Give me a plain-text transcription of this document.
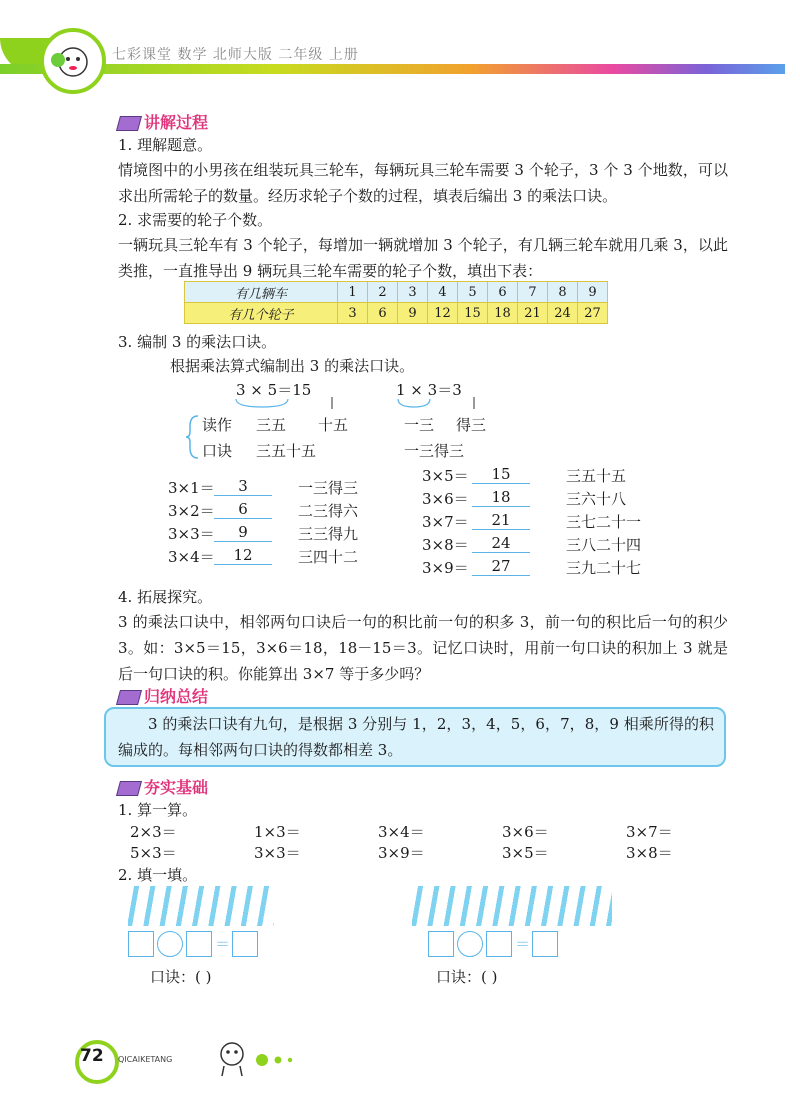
七彩课堂 数学 北师大版 二年级 上册
讲解过程
1. 理解题意。
情境图中的小男孩在组装玩具三轮车，每辆玩具三轮车需要 3 个轮子，3 个 3 个地数，可以求出所需轮子的数量。经历求轮子个数的过程，填表后编出 3 的乘法口诀。
2. 求需要的轮子个数。
一辆玩具三轮车有 3 个轮子，每增加一辆就增加 3 个轮子，有几辆三轮车就用几乘 3，以此类推，一直推导出 9 辆玩具三轮车需要的轮子个数，填出下表：
有几辆车	1	2	3	4	5	6	7	8	9
有几个轮子	3	6	9	12	15	18	21	24	27
3. 编制 3 的乘法口诀。
根据乘法算式编制出 3 的乘法口诀。
3 × 5＝15	1 × 3＝3
读作 三五 十五	一三 得三
口诀 三五十五	一三得三
3×1＝	3	一三得三
3×2＝	6	二三得六
3×3＝	9	三三得九
3×4＝	12	三四十二
3×5＝	15	三五十五
3×6＝	18	三六十八
3×7＝	21	三七二十一
3×8＝	24	三八二十四
3×9＝	27	三九二十七
4. 拓展探究。
3 的乘法口诀中，相邻两句口诀后一句的积比前一句的积多 3，前一句的积比后一句的积少 3。如：3×5＝15，3×6＝18，18－15＝3。记忆口诀时，用前一句口诀的积加上 3 就是后一句口诀的积。你能算出 3×7 等于多少吗？
归纳总结
3 的乘法口诀有九句，是根据 3 分别与 1，2，3，4，5，6，7，8，9 相乘所得的积编成的。每相邻两句口诀的得数都相差 3。
夯实基础
1. 算一算。
2×3＝	1×3＝	3×4＝	3×6＝	3×7＝
5×3＝	3×3＝	3×9＝	3×5＝	3×8＝
2. 填一填。
＝	＝
口诀：( )	口诀：( )
72 QICAIKETANG
